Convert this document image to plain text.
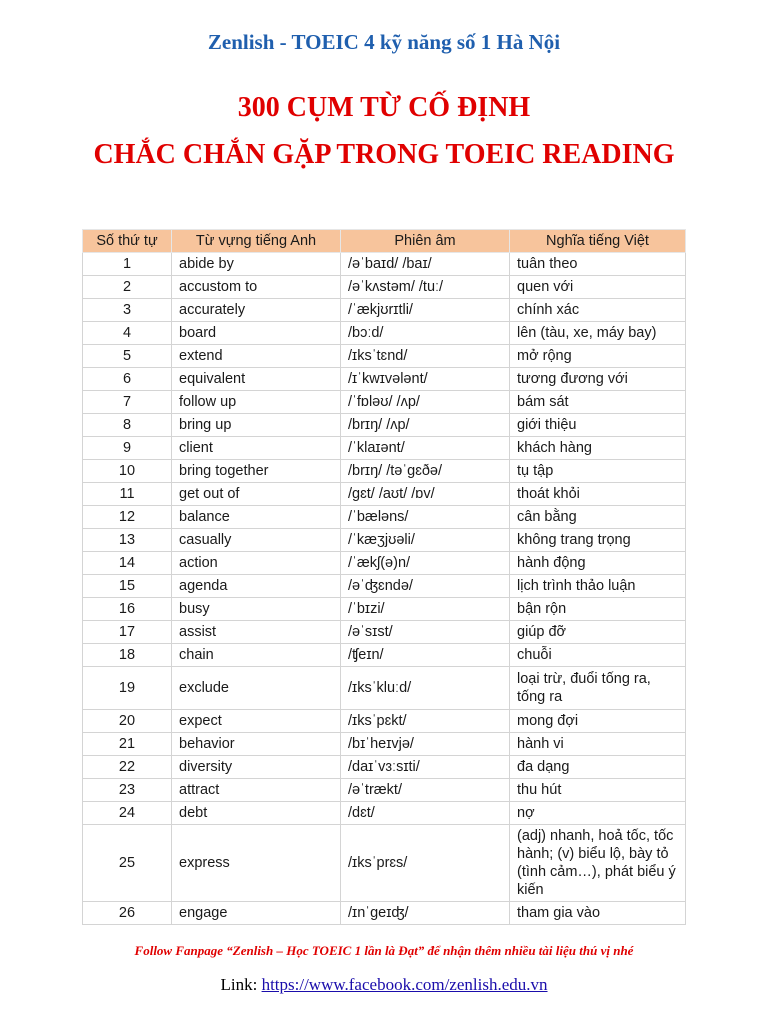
Zenlish - TOEIC 4 kỹ năng số 1 Hà Nội
300 CỤM TỪ CỐ ĐỊNH
CHẮC CHẮN GẶP TRONG TOEIC READING
Số thứ tự	Từ vựng tiếng Anh	Phiên âm	Nghĩa tiếng Việt
1	abide by	/əˈbaɪd/ /baɪ/	tuân theo
2	accustom to	/əˈkʌstəm/ /tuː/	quen với
3	accurately	/ˈækjʊrɪtli/	chính xác
4	board	/bɔːd/	lên (tàu, xe, máy bay)
5	extend	/ɪksˈtɛnd/	mở rộng
6	equivalent	/ɪˈkwɪvələnt/	tương đương với
7	follow up	/ˈfɒləʊ/ /ʌp/	bám sát
8	bring up	/brɪŋ/ /ʌp/	giới thiệu
9	client	/ˈklaɪənt/	khách hàng
10	bring together	/brɪŋ/ /təˈgɛðə/	tụ tập
11	get out of	/gɛt/ /aʊt/ /ɒv/	thoát khỏi
12	balance	/ˈbæləns/	cân bằng
13	casually	/ˈkæʒjʊəli/	không trang trọng
14	action	/ˈækʃ(ə)n/	hành động
15	agenda	/əˈʤɛndə/	lịch trình thảo luận
16	busy	/ˈbɪzi/	bận rộn
17	assist	/əˈsɪst/	giúp đỡ
18	chain	/ʧeɪn/	chuỗi
19	exclude	/ɪksˈkluːd/	loại trừ, đuổi tống ra, tống ra
20	expect	/ɪksˈpɛkt/	mong đợi
21	behavior	/bɪˈheɪvjə/	hành vi
22	diversity	/daɪˈvɜːsɪti/	đa dạng
23	attract	/əˈtrækt/	thu hút
24	debt	/dɛt/	nợ
25	express	/ɪksˈprɛs/	(adj) nhanh, hoả tốc, tốc hành; (v) biểu lộ, bày tỏ (tình cảm…), phát biểu ý kiến
26	engage	/ɪnˈgeɪʤ/	tham gia vào
Follow Fanpage “Zenlish – Học TOEIC 1 lần là Đạt” để nhận thêm nhiều tài liệu thú vị nhé
Link: https://www.facebook.com/zenlish.edu.vn
